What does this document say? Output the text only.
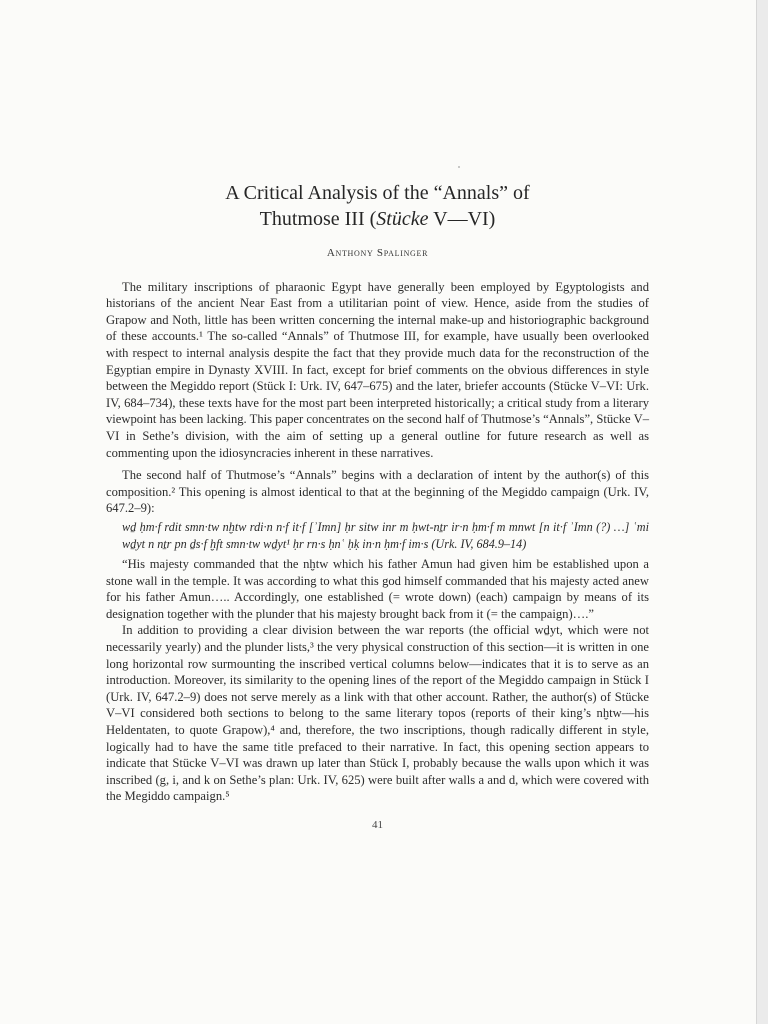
A Critical Analysis of the “Annals” of
Thutmose III (Stücke V—VI)
Anthony Spalinger

The military inscriptions of pharaonic Egypt have generally been employed by Egyptologists and historians of the ancient Near East from a utilitarian point of view. Hence, aside from the studies of Grapow and Noth, little has been written concerning the internal make-up and historiographic background of these accounts.¹ The so-called “Annals” of Thutmose III, for example, have usually been overlooked with respect to internal analysis despite the fact that they provide much data for the reconstruction of the Egyptian empire in Dynasty XVIII. In fact, except for brief comments on the obvious differences in style between the Megiddo report (Stück I: Urk. IV, 647–675) and the later, briefer accounts (Stücke V–VI: Urk. IV, 684–734), these texts have for the most part been interpreted historically; a critical study from a literary viewpoint has been lacking. This paper concentrates on the second half of Thutmose’s “Annals”, Stücke V–VI in Sethe’s division, with the aim of setting up a general outline for future research as well as commenting upon the idiosyncracies inherent in these narratives.

The second half of Thutmose’s “Annals” begins with a declaration of intent by the author(s) of this composition.² This opening is almost identical to that at the beginning of the Megiddo campaign (Urk. IV, 647.2–9):

wḏ ḥm·f rdit smn·tw nḫtw rdi·n n·f it·f [ʾImn] ḥr sitw inr m ḥwt-nṯr ir·n ḥm·f m mnwt [n it·f ʾImn (?) …] ʿmi wḏyt n nṯr pn ḏs·f ḫft smn·tw wḏyt¹ ḥr rn·s ḥnʿ ḥḳ in·n ḥm·f im·s (Urk. IV, 684.9–14)

“His majesty commanded that the nḫtw which his father Amun had given him be established upon a stone wall in the temple. It was according to what this god himself commanded that his majesty acted anew for his father Amun….. Accordingly, one established (= wrote down) (each) campaign by means of its designation together with the plunder that his majesty brought back from it (= the campaign)….”

In addition to providing a clear division between the war reports (the official wḏyt, which were not necessarily yearly) and the plunder lists,³ the very physical construction of this section—it is written in one long horizontal row surmounting the inscribed vertical columns below—indicates that it is to serve as an introduction. Moreover, its similarity to the opening lines of the report of the Megiddo campaign in Stück I (Urk. IV, 647.2–9) does not serve merely as a link with that other account. Rather, the author(s) of Stücke V–VI considered both sections to belong to the same literary topos (reports of their king’s nḫtw—his Heldentaten, to quote Grapow),⁴ and, therefore, the two inscriptions, though radically different in style, logically had to have the same title prefaced to their narrative. In fact, this opening section appears to indicate that Stücke V–VI was drawn up later than Stück I, probably because the walls upon which it was inscribed (g, i, and k on Sethe’s plan: Urk. IV, 625) were built after walls a and d, which were covered with the Megiddo campaign.⁵

41
